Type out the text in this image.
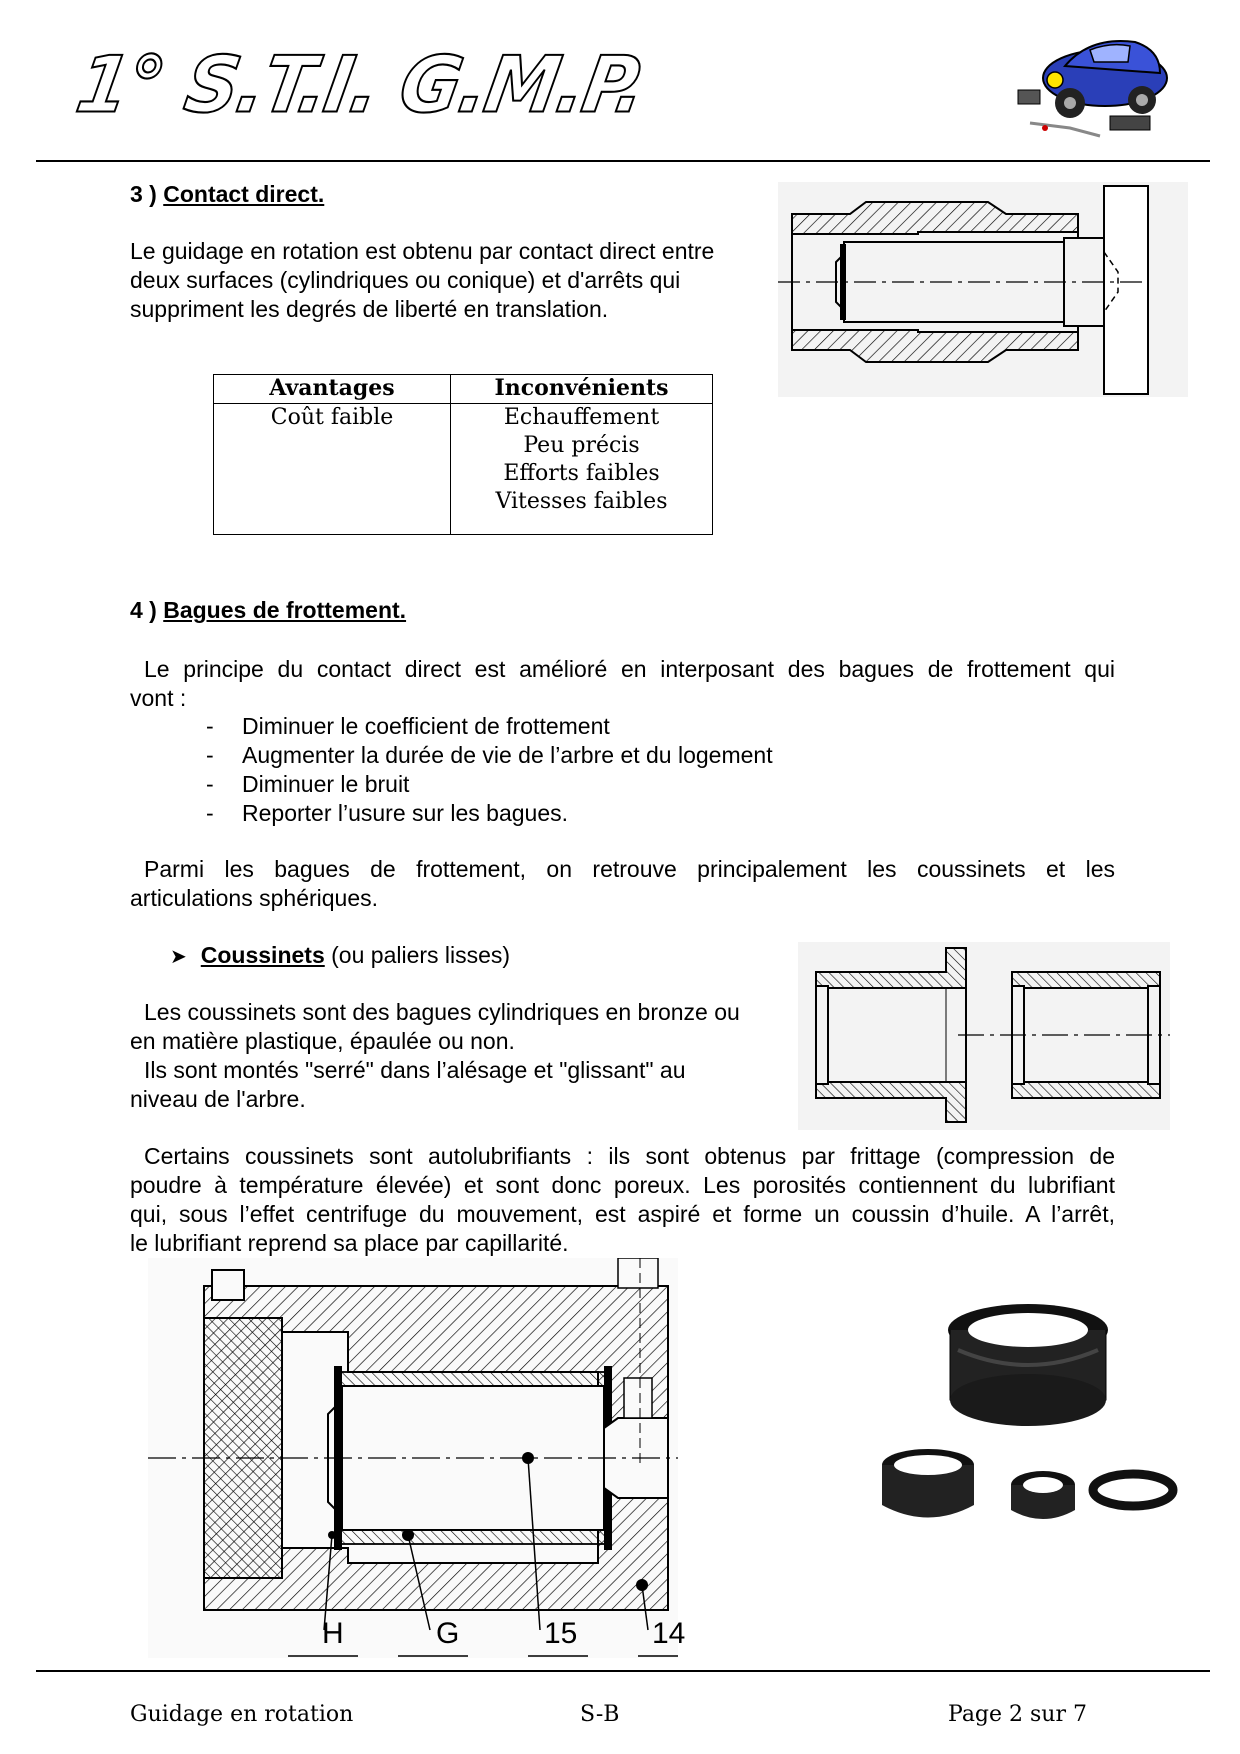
1° S.T.I. G.M.P.
3 ) Contact direct.
Le guidage en rotation est obtenu par contact direct entre
deux surfaces (cylindriques ou conique) et d'arrêts qui
suppriment les degrés de liberté en translation.
Avantages	Inconvénients

Coût faible	Echauffement
Peu précis
Efforts faibles
Vitesses faibles
4 ) Bagues de frottement.
Le principe du contact direct est amélioré en interposant des bagues de frottement qui
vont :
- Diminuer le coefficient de frottement
- Augmenter la durée de vie de l’arbre et du logement
- Diminuer le bruit
- Reporter l’usure sur les bagues.
Parmi les bagues de frottement, on retrouve principalement les coussinets et les
articulations sphériques.
➤ Coussinets (ou paliers lisses)
Les coussinets sont des bagues cylindriques en bronze ou
en matière plastique, épaulée ou non.
Ils sont montés "serré" dans l’alésage et "glissant" au
niveau de l'arbre.
Certains coussinets sont autolubrifiants : ils sont obtenus par frittage (compression de
poudre à température élevée) et sont donc poreux. Les porosités contiennent du lubrifiant
qui, sous l’effet centrifuge du mouvement, est aspiré et forme un coussin d’huile. A l’arrêt,
le lubrifiant reprend sa place par capillarité.
H	G	15 14
Guidage en rotation	S-B	Page 2 sur 7
